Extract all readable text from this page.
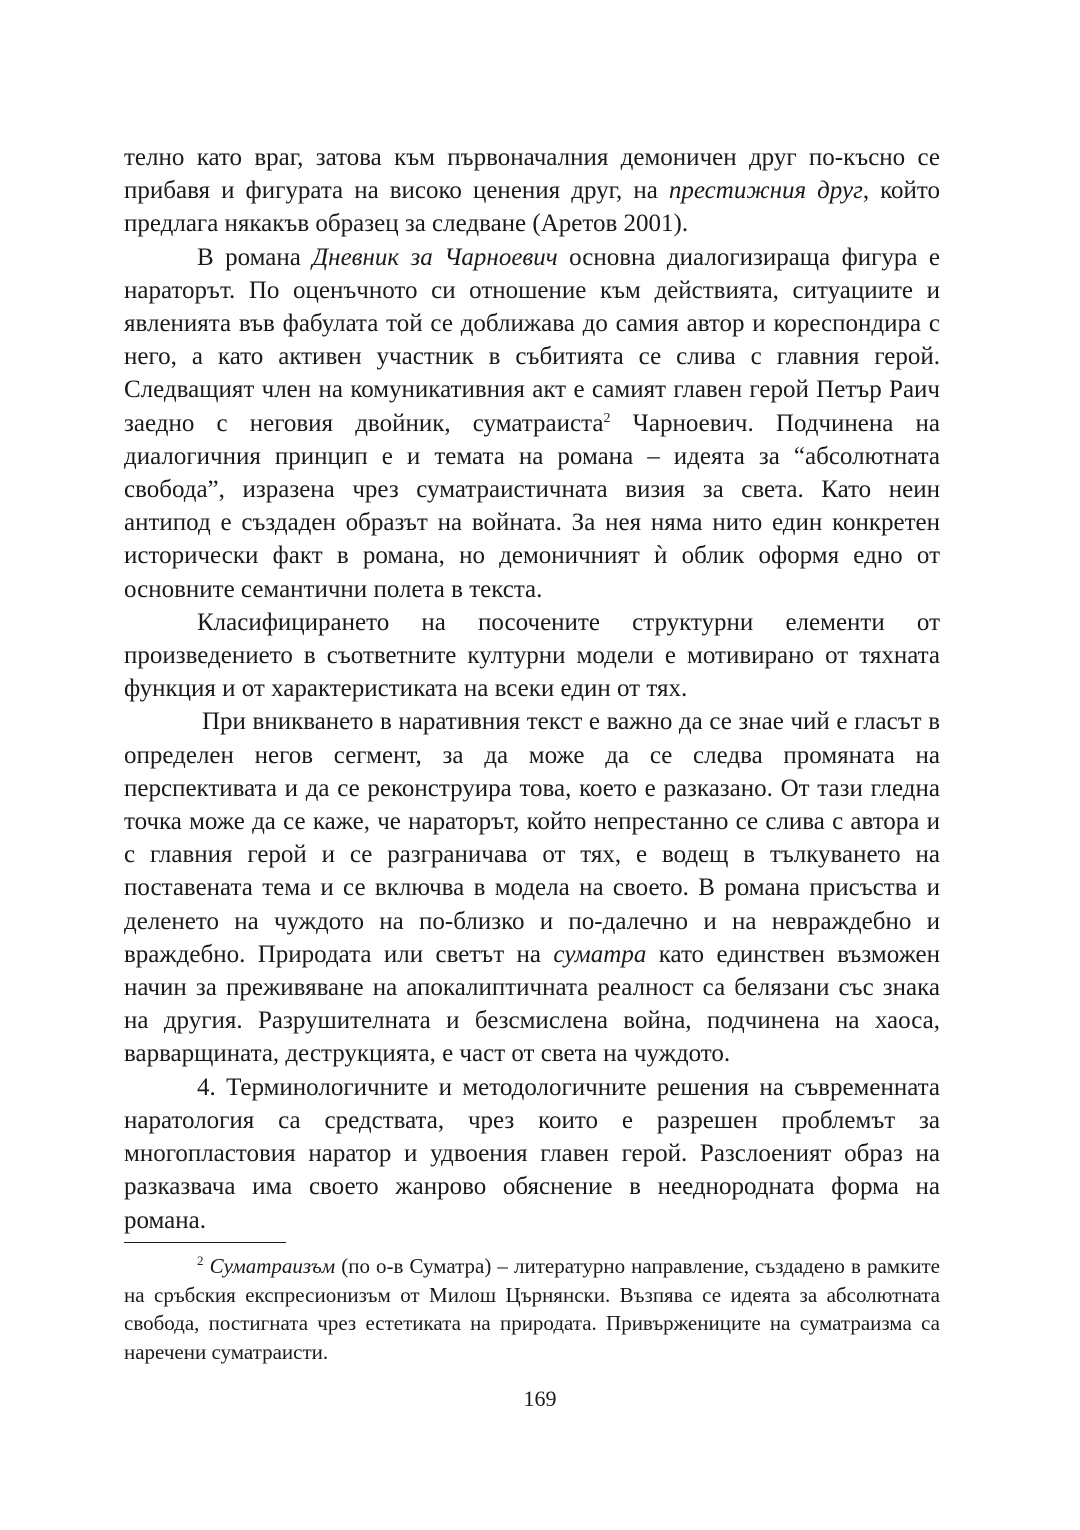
телно като враг, затова към първоначалния демоничен друг по-късно се прибавя и фигурата на високо ценения друг, на престижния друг, който предлага някакъв образец за следване (Аретов 2001).

В романа Дневник за Чарноевич основна диалогизираща фигура е нараторът. По оценъчното си отношение към действията, ситуациите и явленията във фабулата той се доближава до самия автор и кореспондира с него, а като активен участник в събитията се слива с главния герой. Следващият член на комуникативния акт е самият главен герой Петър Раич заедно с неговия двойник, суматраиста$^2$ Чарноевич. Подчинена на диалогичния принцип е и темата на романа – идеята за “абсолютната свобода”, изразена чрез суматраистичната визия за света. Като неин антипод е създаден образът на войната. За нея няма нито един конкретен исторически факт в романа, но демоничният ѝ облик оформя едно от основните семантични полета в текста.

Класифицирането на посочените структурни елементи от произведението в съответните културни модели е мотивирано от тяхната функция и от характеристиката на всеки един от тях.

При вникването в наративния текст е важно да се знае чий е гласът в определен негов сегмент, за да може да се следва промяната на перспективата и да се реконструира това, което е разказано. От тази гледна точка може да се каже, че нараторът, който непрестанно се слива с автора и с главния герой и се разграничава от тях, е водещ в тълкуването на поставената тема и се включва в модела на своето. В романа присъства и деленето на чуждото на по-близко и по-далечно и на невраждебно и враждебно. Природата или светът на суматра като единствен възможен начин за преживяване на апокалиптичната реалност са белязани със знака на другия. Разрушителната и безсмислена война, подчинена на хаоса, варварщината, деструкцията, е част от света на чуждото.

4. Терминологичните и методологичните решения на съвременната наратология са средствата, чрез които е разрешен проблемът за многопластовия наратор и удвоения главен герой. Разслоеният образ на разказвача има своето жанрово обяснение в нееднородната форма на романа.

$^2$ Суматраизъм (по о-в Суматра) – литературно направление, създадено в рамките на сръбския експресионизъм от Милош Църнянски. Възпява се идеята за абсолютната свобода, постигната чрез естетиката на природата. Привържениците на суматраизма са наречени суматраисти.

169
